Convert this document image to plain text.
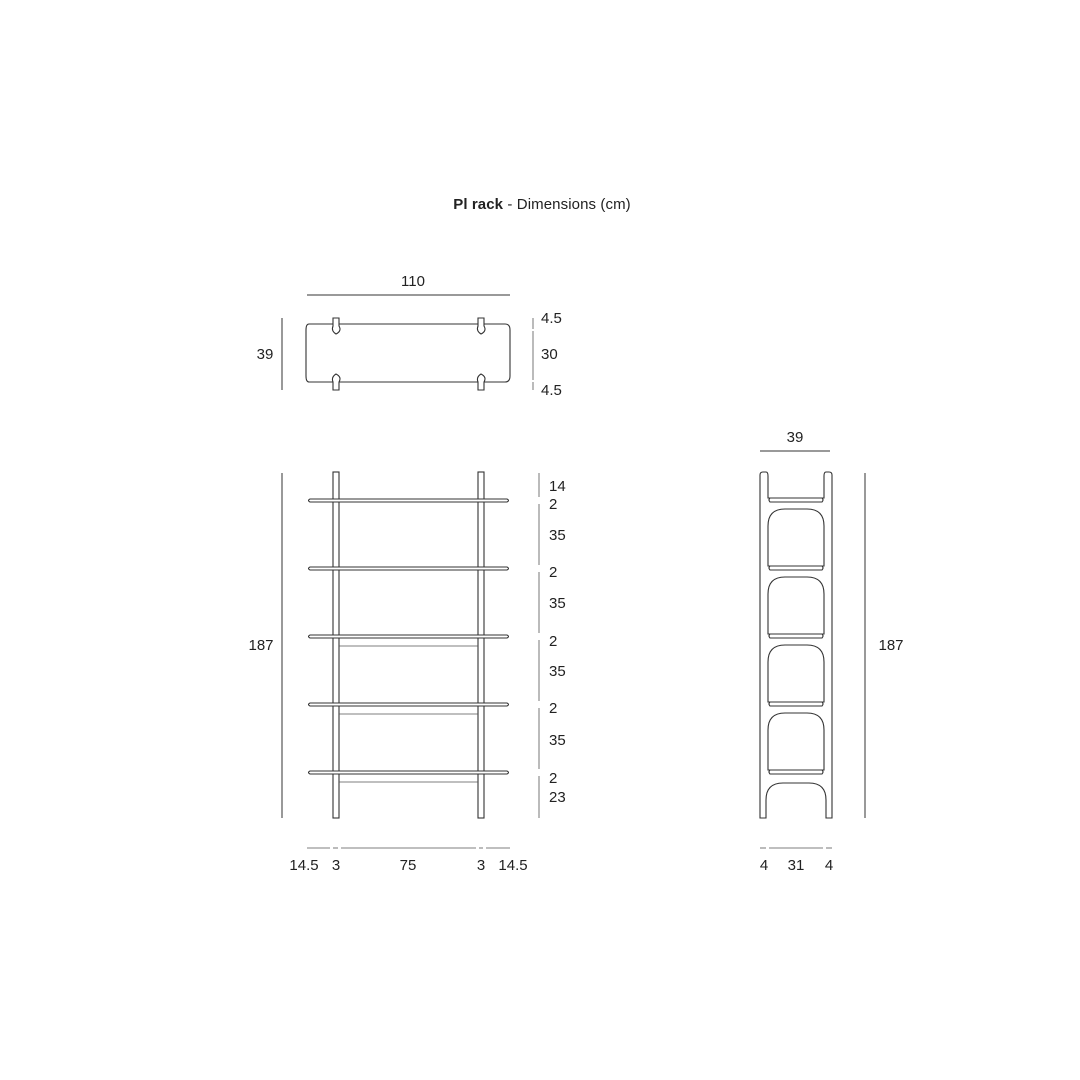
Pl rack - Dimensions (cm)
110
39
4.5
30
4.5
187
14
2
35
2
35
2
35
2
35
2
23
14.5 3	75	3 14.5
39
187
4 31 4
